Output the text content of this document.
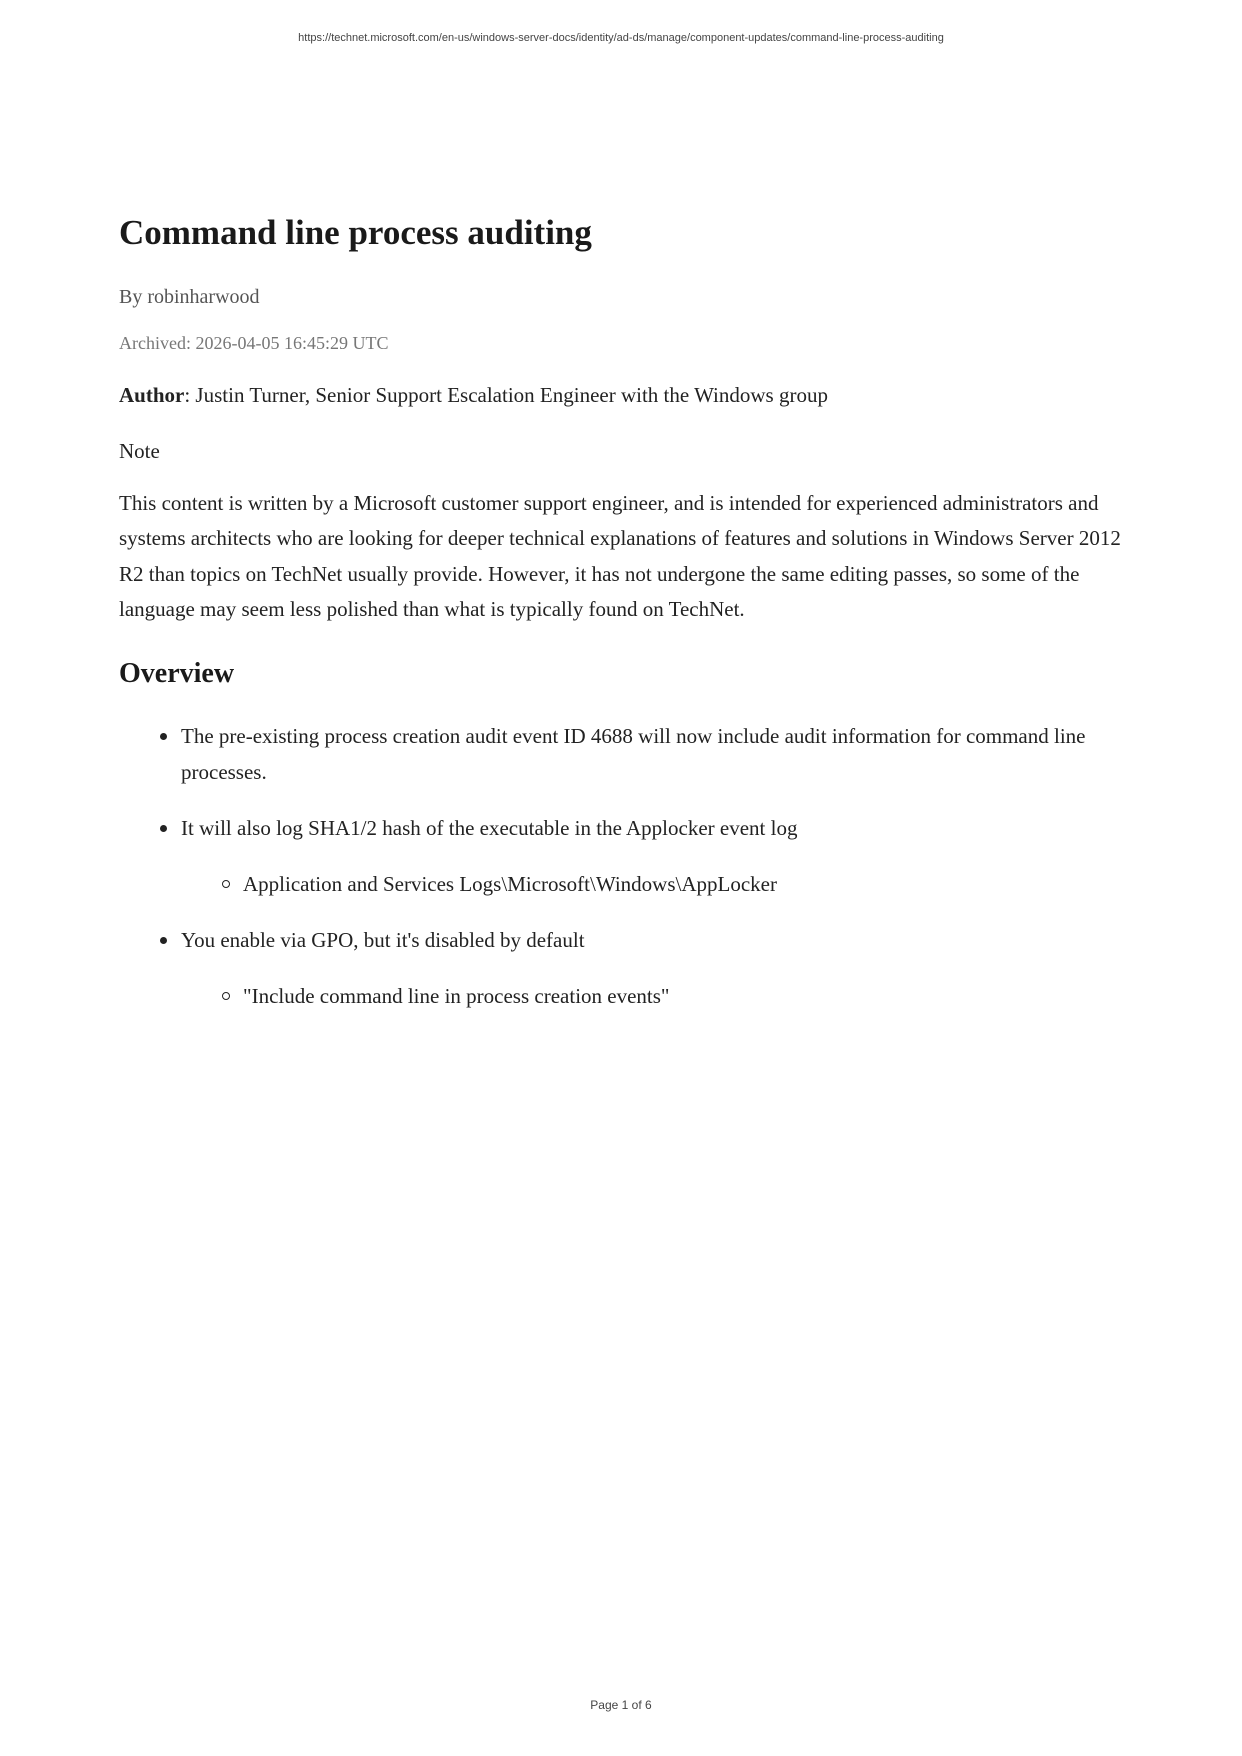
https://technet.microsoft.com/en-us/windows-server-docs/identity/ad-ds/manage/component-updates/command-line-process-auditing
Command line process auditing

By robinharwood

Archived: 2026-04-05 16:45:29 UTC

Author: Justin Turner, Senior Support Escalation Engineer with the Windows group

Note

This content is written by a Microsoft customer support engineer, and is intended for experienced administrators and systems architects who are looking for deeper technical explanations of features and solutions in Windows Server 2012 R2 than topics on TechNet usually provide. However, it has not undergone the same editing passes, so some of the language may seem less polished than what is typically found on TechNet.

Overview
The pre-existing process creation audit event ID 4688 will now include audit information for command line processes.
It will also log SHA1/2 hash of the executable in the Applocker event log
Application and Services Logs\Microsoft\Windows\AppLocker
You enable via GPO, but it's disabled by default
"Include command line in process creation events"
Page 1 of 6
